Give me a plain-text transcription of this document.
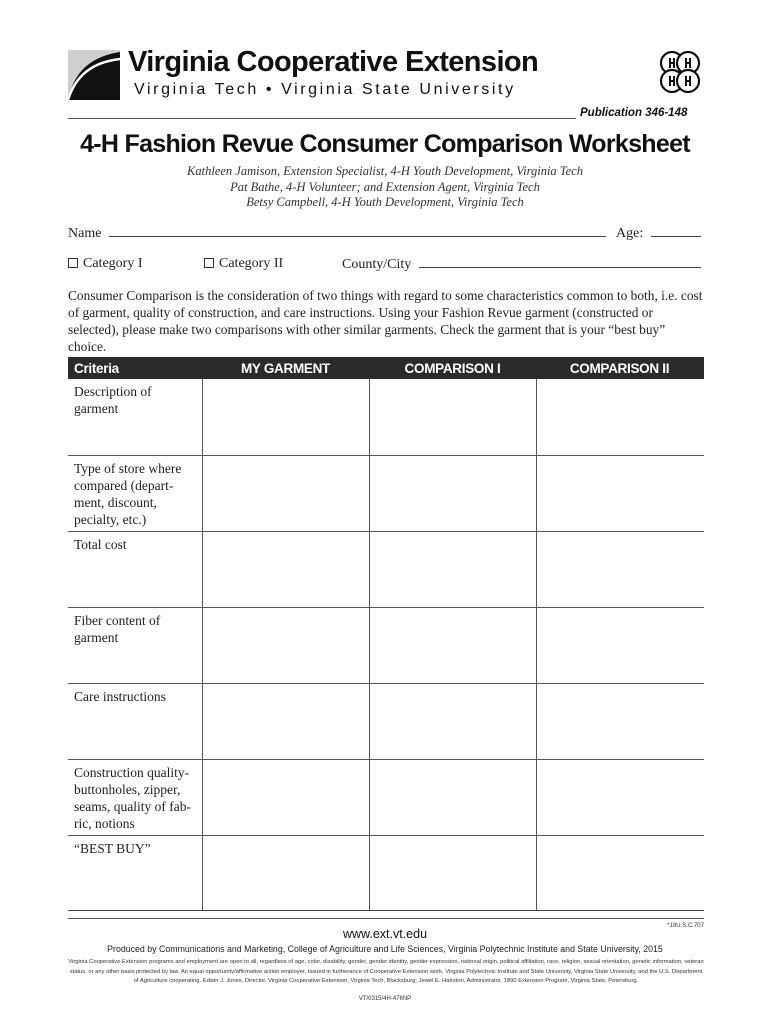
Virginia Cooperative Extension
Virginia Tech • Virginia State University
Publication 346-148
4-H Fashion Revue Consumer Comparison Worksheet
Kathleen Jamison, Extension Specialist, 4-H Youth Development, Virginia Tech
Pat Bathe, 4-H Volunteer; and Extension Agent, Virginia Tech
Betsy Campbell, 4-H Youth Development, Virginia Tech
Name	Age:
Category I	Category II	County/City
Consumer Comparison is the consideration of two things with regard to some characteristics common to both, i.e. cost of garment, quality of construction, and care instructions. Using your Fashion Revue garment (constructed or selected), please make two comparisons with other similar garments. Check the garment that is your “best buy” choice.
Criteria	MY GARMENT	COMPARISON I	COMPARISON II
Description of garment
Type of store where compared (depart-ment, discount, pecialty, etc.)
Total cost
Fiber content of garment
Care instructions
Construction quality-buttonholes, zipper, seams, quality of fab-ric, notions
“BEST BUY”
www.ext.vt.edu
*18U.S.C.707
Produced by Communications and Marketing, College of Agriculture and Life Sciences, Virginia Polytechnic Institute and State University, 2015
Virginia Cooperative Extension programs and employment are open to all, regardless of age, color, disability, gender, gender identity, gender expression, national origin, political affiliation, race, religion, sexual orientation, genetic information, veteran status, or any other basis protected by law. An equal opportunity/affirmative action employer. Issued in furtherance of Cooperative Extension work, Virginia Polytechnic Institute and State University, Virginia State University, and the U.S. Department of Agriculture cooperating. Edwin J. Jones, Director, Virginia Cooperative Extension, Virginia Tech, Blacksburg; Jewel E. Hairston, Administrator, 1890 Extension Program, Virginia State, Petersburg.
VT/0315/4H-476NP
